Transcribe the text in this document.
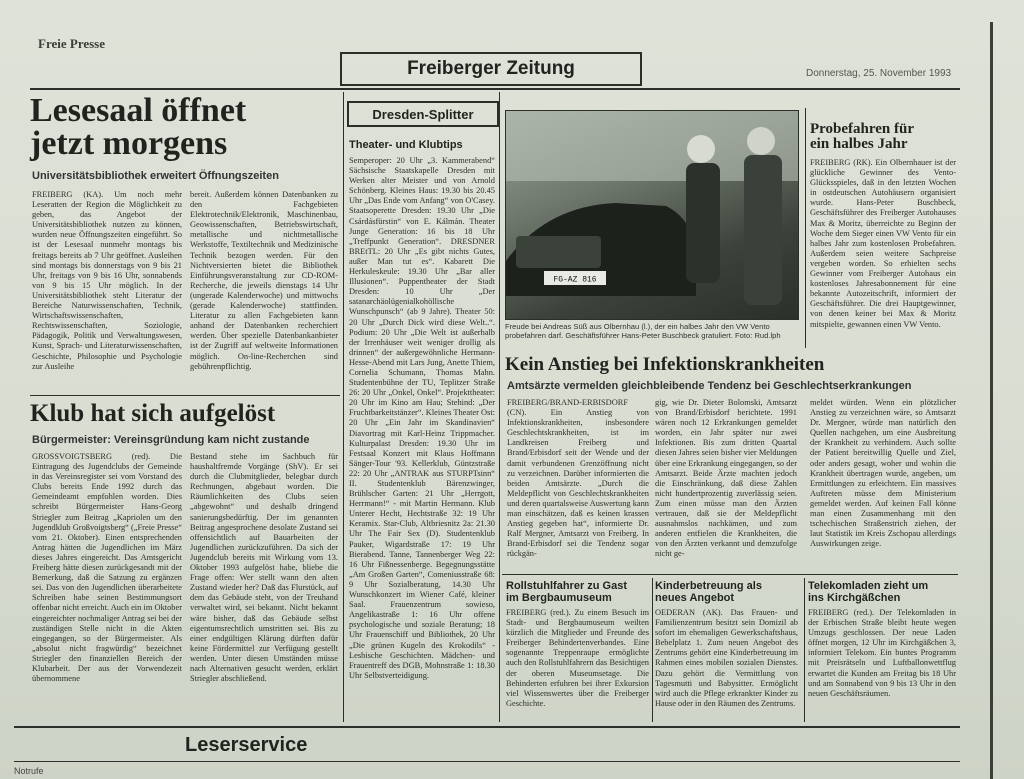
Freie Presse
Freiberger Zeitung	Donnerstag, 25. November 1993
Lesesaal öffnet
jetzt morgens
Universitätsbibliothek erweitert Öffnungszeiten
FREIBERG (KA). Um noch mehr Leseratten der Region die Möglichkeit zu geben, das Angebot der Universitätsbibliothek nutzen zu können, wurden neue Öffnungszeiten eingeführt. So ist der Lesesaal nunmehr montags bis freitags bereits ab 7 Uhr geöffnet. Ausleihen sind montags bis donnerstags von 9 bis 21 Uhr, freitags von 9 bis 16 Uhr, sonnabends von 9 bis 15 Uhr möglich. In der Universitätsbibliothek steht Literatur der Bereiche Naturwissenschaften, Technik, Wirtschaftswissenschaften, Rechtswissenschaften, Soziologie, Pädagogik, Politik und Verwaltungswesen, Kunst, Sprach- und Literaturwissenschaften, Geschichte, Philosophie und Psychologie zur Ausleihe
bereit. Außerdem können Datenbanken zu den Fachgebieten Elektrotechnik/Elektronik, Maschinenbau, Geowissenschaften, Betriebswirtschaft, metallische und nichtmetallische Werkstoffe, Textiltechnik und Medizinische Technik bezogen werden. Für den Nichtversierten bietet die Bibliothek Einführungsveranstaltung zur CD-ROM-Recherche, die jeweils dienstags 14 Uhr (ungerade Kalenderwoche) und mittwochs (gerade Kalenderwoche) stattfinden. Literatur zu allen Fachgebieten kann anhand der Datenbanken recherchiert werden. Über spezielle Datenbankanbieter ist der Zugriff auf weltweite Informationen möglich. On-line-Recherchen sind gebührenpflichtig.
Klub hat sich aufgelöst
Bürgermeister: Vereinsgründung kam nicht zustande
GROSSVOIGTSBERG (red). Die Eintragung des Jugendclubs der Gemeinde in das Vereinsregister sei vom Vorstand des Clubs bereits Ende 1992 durch das Gemeindeamt empfohlen worden. Dies schreibt Bürgermeister Hans-Georg Striegler zum Beitrag „Kapriolen um den Jugendklub Großvoigtsberg“ („Freie Presse“ vom 21. Oktober). Einen entsprechenden Antrag hätten die Jugendlichen im März dieses Jahres eingereicht. Das Amtsgericht Freiberg hätte diesen zurückgesandt mit der Bemerkung, daß die Satzung zu ergänzen sei. Das von den Jugendlichen überarbeitete Schreiben habe seinen Bestimmungsort offenbar nicht erreicht. Auch ein im Oktober eingereichter nochmaliger Antrag sei bei der zuständigen Stelle nicht in die Akten eingegangen, so der Bürgermeister. Als „absolut nicht fragwürdig“ bezeichnet Striegler den finanziellen Bereich der Klubarbeit. Der aus der Vorwendezeit übernommene
Bestand stehe im Sachbuch für haushaltfremde Vorgänge (ShV). Er sei durch die Clubmitglieder, belegbar durch Rechnungen, abgebaut worden. Die Räumlichkeiten des Clubs seien „abgewohnt“ und deshalb dringend sanierungsbedürftig. Der im genannten Beitrag angesprochene desolate Zustand sei offensichtlich auf Bauarbeiten der Jugendlichen zurückzuführen. Da sich der Jugendclub bereits mit Wirkung vom 13. Oktober 1993 aufgelöst habe, bliebe die Frage offen: Wer stellt wann den alten Zustand wieder her? Daß das Flurstück, auf dem das Gebäude steht, von der Treuhand verwaltet wird, sei bekannt. Nicht bekannt wäre bisher, daß das Gebäude selbst eigentumsrechtlich umstritten sei. Bis zu einer endgültigen Klärung dürften dafür keine Fördermittel zur Verfügung gestellt werden. Unter diesen Umständen müsse nach Alternativen gesucht werden, erklärt Striegler abschließend.
Dresden-Splitter
Theater- und Klubtips
Semperoper: 20 Uhr „3. Kammerabend“ Sächsische Staatskapelle Dresden mit Werken alter Meister und von Arnold Schönberg. Kleines Haus: 19.30 bis 20.45 Uhr „Das Ende vom Anfang“ von O'Casey. Staatsoperette Dresden: 19.30 Uhr „Die Csárdásfürstin“ von E. Kálmán. Theater Junge Generation: 16 bis 18 Uhr „Treffpunkt Generation“. DRESDNER BREtTL: 20 Uhr „Es gibt nichts Gutes, außer Man tut es“. Kabarett Die Herkuleskeule: 19.30 Uhr „Bar aller Illusionen“. Puppentheater der Stadt Dresden: 10 Uhr „Der satanarchäolügenialkohöllische Wunschpunsch“ (ab 9 Jahre). Theater 50: 20 Uhr „Durch Dick wird diese Welt..“. Podium: 20 Uhr „Die Welt ist außerhalb der Irrenhäuser weit weniger drollig als drinnen“ der außergewöhnliche Hermann-Hesse-Abend mit Lars Jung, Anette Thiem, Cornelia Schumann, Thomas Mahn. Studentenbühne der TU, Teplitzer Straße 26: 20 Uhr „Onkel, Onkel“. Projekttheater: 20 Uhr im Kino am Hau; Stehind: „Der Fruchtbarkeitstänzer“. Kleines Theater Ost: 20 Uhr „Ein Jahr im Skandinavien“ Diavortrag mit Karl-Heinz Trippmacher. Kulturpalast Dresden: 19.30 Uhr im Festsaal Konzert mit Klaus Hoffmann Sänger-Tour '93. Kellerklub, Güntzstraße 22: 20 Uhr „ANTRAK aus STURPTsinn“ II. Studentenklub Bärenzwinger, Brühlscher Garten: 21 Uhr „Herrgott, Herrmann!“ - mit Martin Hermann. Klub Unterer Hecht, Hechtstraße 32: 19 Uhr Keramix. Star-Club, Altbriesnitz 2a: 21.30 Uhr The Fair Sex (D). Studentenklub Pauker, Wigardstraße 17: 19 Uhr Bierabend. Tanne, Tannenberger Weg 22: 16 Uhr Fißnessenberge. Begegnungsstätte „Am Großen Garten“, Comeniusstraße 68: 9 Uhr Sozialberatung, 14.30 Uhr Wunschkonzert im Wiener Café, kleiner Saal. Frauenzentrum sowieso, Angelikastraße 1: 16 Uhr offene psychologische und soziale Beratung; 18 Uhr Frauenschiff und Bibliothek, 20 Uhr „Die grünen Kugeln des Krokodils“ - Lesbische Geschichten. Mädchen- und Frauentreff des DGB, Mohnstraße 1: 18.30 Uhr Selbstverteidigung.
FG-AZ 816
Freude bei Andreas Süß aus Olbernhau (l.), der ein halbes Jahr den VW Vento probefahren darf. Geschäftsführer Hans-Peter Buschbeck gratuliert. Foto: Rud.lph
Probefahren für
ein halbes Jahr
FREIBERG (RK). Ein Olbernhauer ist der glückliche Gewinner des Vento-Glücksspieles, daß in den letzten Wochen in ostdeutschen Autohäusern organisiert wurde. Hans-Peter Buschbeck, Geschäftsführer des Freiberger Autohauses Max & Moritz, überreichte zu Beginn der Woche dem Sieger einen VW Vento für ein halbes Jahr zum kostenlosen Probefahren. Außerdem seien weitere Sachpreise vergeben worden. So erhielten sechs Gewinner vom Freiberger Autohaus ein kostenloses Jahresabonnement für eine bekannte Autozeitschrift, informiert der Geschäftsführer. Die drei Hauptgewinner, von denen keiner bei Max & Moritz mitspielte, gewannen einen VW Vento.
Kein Anstieg bei Infektionskrankheiten
Amtsärzte vermelden gleichbleibende Tendenz bei Geschlechtserkrankungen
FREIBERG/BRAND-ERBISDORF (CN). Ein Anstieg von Infektionskrankheiten, insbesondere Geschlechtskrankheiten, ist im Landkreisen Freiberg und Brand/Erbisdorf seit der Wende und der damit verbundenen Grenzöffnung nicht zu verzeichnen. Darüber informierten die beiden Amtsärzte. „Durch die Meldepflicht von Geschlechtskrankheiten und deren quartalsweise Auswertung kann man einschätzen, daß es keinen krassen Anstieg gegeben hat“, informierte Dr. Ralf Mergner, Amtsarzt von Freiberg. In Brand-Erbisdorf sei die Tendenz sogar rückgän-
gig, wie Dr. Dieter Bolomski, Amtsarzt von Brand/Erbisdorf berichtete. 1991 wären noch 12 Erkrankungen gemeldet worden, ein Jahr später nur zwei Infektionen. Bis zum dritten Quartal diesen Jahres seien bisher vier Meldungen über eine Erkrankung eingegangen, so der Amtsarzt. Beide Ärzte machten jedoch die Einschränkung, daß diese Zahlen nicht hundertprozentig zuverlässig seien. Zum einen müsse man den Ärzten vertrauen, daß sie der Meldepflicht ausnahmslos nachkämen, und zum anderen entfielen die Krankheiten, die von den Ärzten verkannt und demzufolge nicht ge-
meldet würden. Wenn ein plötzlicher Anstieg zu verzeichnen wäre, so Amtsarzt Dr. Mergner, würde man natürlich den Quellen nachgehen, um eine Ausbreitung der Krankheit zu verhindern. Auch sollte der Patient bereitwillig Quelle und Ziel, oder anders gesagt, woher und wohin die Krankheit übertragen wurde, angeben, um Ermittlungen zu erleichtern. Ein massives Auftreten müsse dem Ministerium gemeldet werden. Auf keinen Fall könne man einen Zusammenhang mit den tschechischen Straßenstrich ziehen, der laut Statistik im Kreis Zschopau allerdings Auswirkungen zeige.
Rollstuhlfahrer zu Gast
im Bergbaumuseum
FREIBERG (red.). Zu einem Besuch im Stadt- und Bergbaumuseum weilten kürzlich die Mitglieder und Freunde des Freiberger Behindertenverbandes. Eine sogenannte Treppenraupe ermöglichte auch den Rollstuhlfahrern das Besichtigen der oberen Museumsetage. Die Behinderten erfuhren bei ihrer Exkursion viel Wissenswertes über die Freiberger Geschichte.
Kinderbetreuung als
neues Angebot
OEDERAN (AK). Das Frauen- und Familienzentrum besitzt sein Domizil ab sofort im ehemaligen Gewerkschaftshaus, Bebelplatz 1. Zum neuen Angebot des Zentrums gehört eine Kinderbetreuung im Rahmen eines mobilen sozialen Dienstes. Dazu gehört die Vermittlung von Tagesmutti und Babysitter. Ermöglicht wird auch die Pflege erkrankter Kinder zu Hause oder in den Räumen des Zentrums.
Telekomladen zieht um
ins Kirchgäßchen
FREIBERG (red.). Der Telekomladen in der Erbischen Straße bleibt heute wegen Umzugs geschlossen. Der neue Laden öffnet morgen, 12 Uhr im Kirchgäßchen 3, informiert Telekom. Ein buntes Programm mit Preisrätseln und Luftballonwettflug erwartet die Kunden am Freitag bis 18 Uhr und am Sonnabend von 9 bis 13 Uhr in den neuen Geschäftsräumen.
Leserservice
Notrufe
